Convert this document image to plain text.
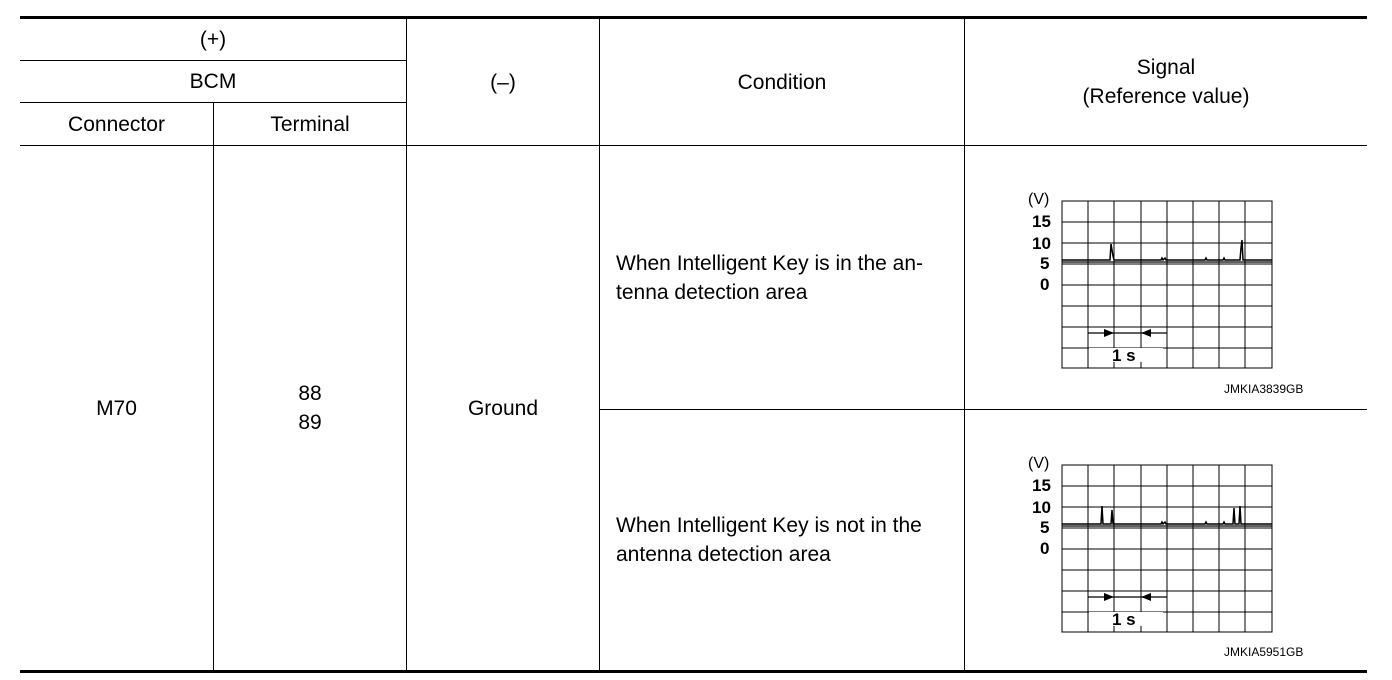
(+)
BCM
Connector	Terminal
(–)	Condition
Signal
(Reference value)
M70
88
89
Ground
When Intelligent Key is in the an-
tenna detection area
When Intelligent Key is not in the
antenna detection area
(V)
15
10
5
0
1 s
JMKIA3839GB
(V)
15
10
5
0
1 s
JMKIA5951GB
